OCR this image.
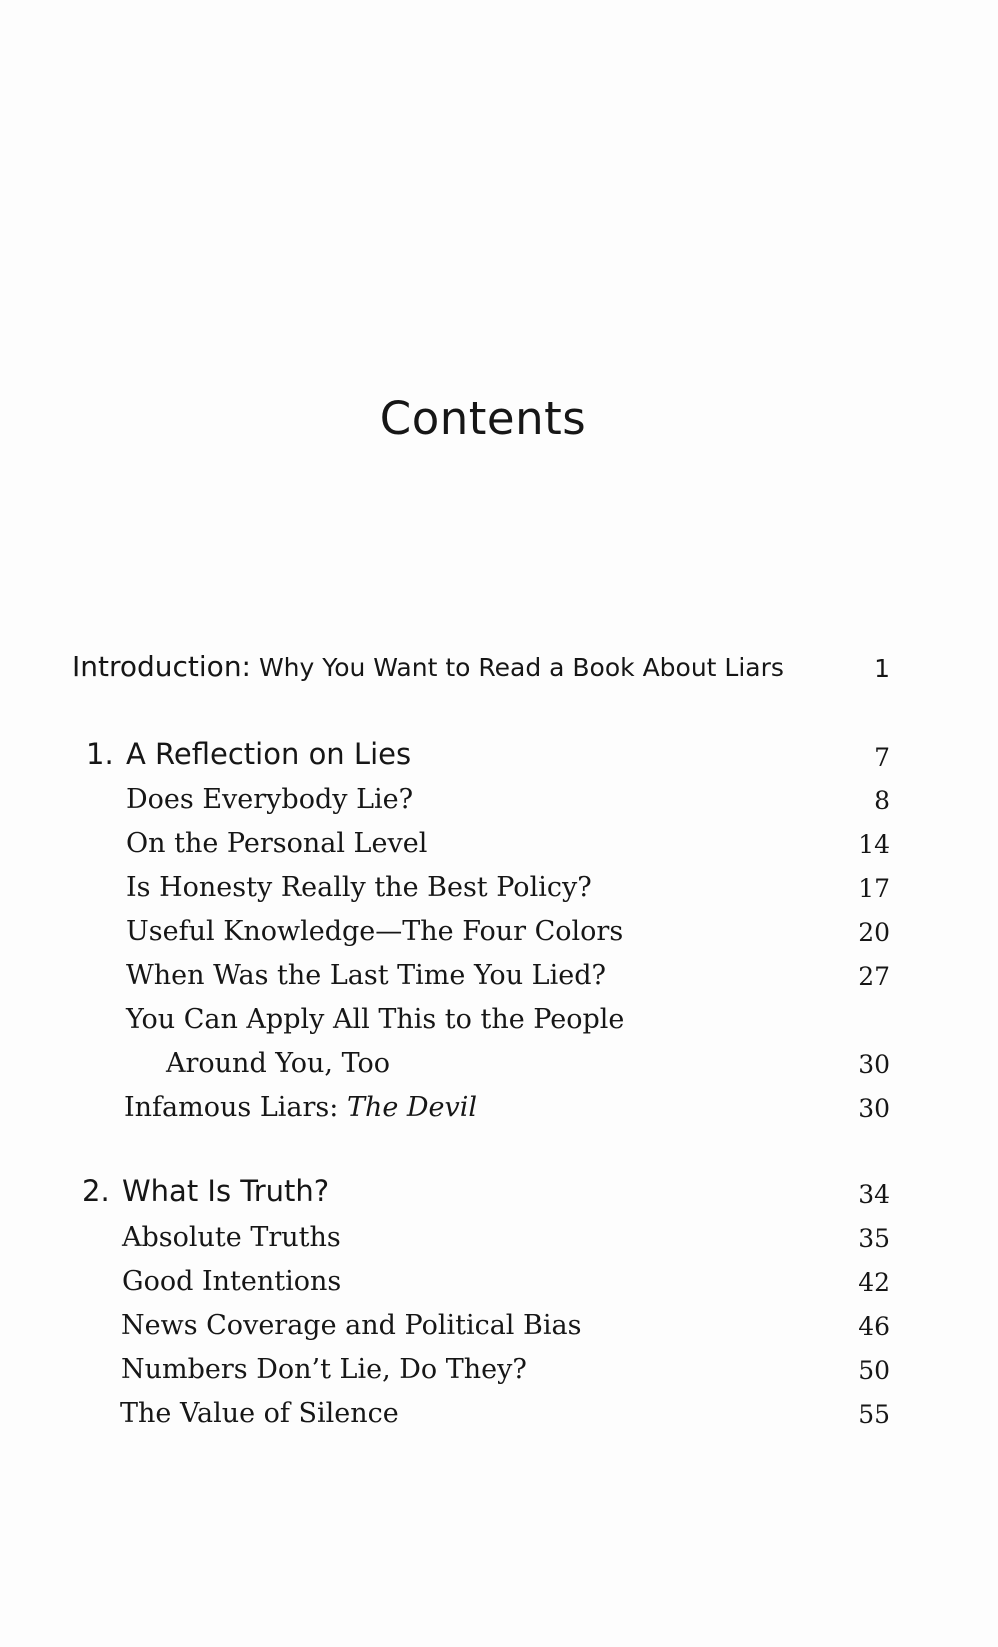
Contents
Introduction: Why You Want to Read a Book About Liars	1
1. A Reflection on Lies	7
Does Everybody Lie?	8
On the Personal Level	14
Is Honesty Really the Best Policy?	17
Useful Knowledge—The Four Colors	20
When Was the Last Time You Lied?	27
You Can Apply All This to the People
Around You, Too	30
Infamous Liars: The Devil	30
2. What Is Truth?	34
Absolute Truths	35
Good Intentions	42
News Coverage and Political Bias	46
Numbers Don’t Lie, Do They?	50
The Value of Silence	55
